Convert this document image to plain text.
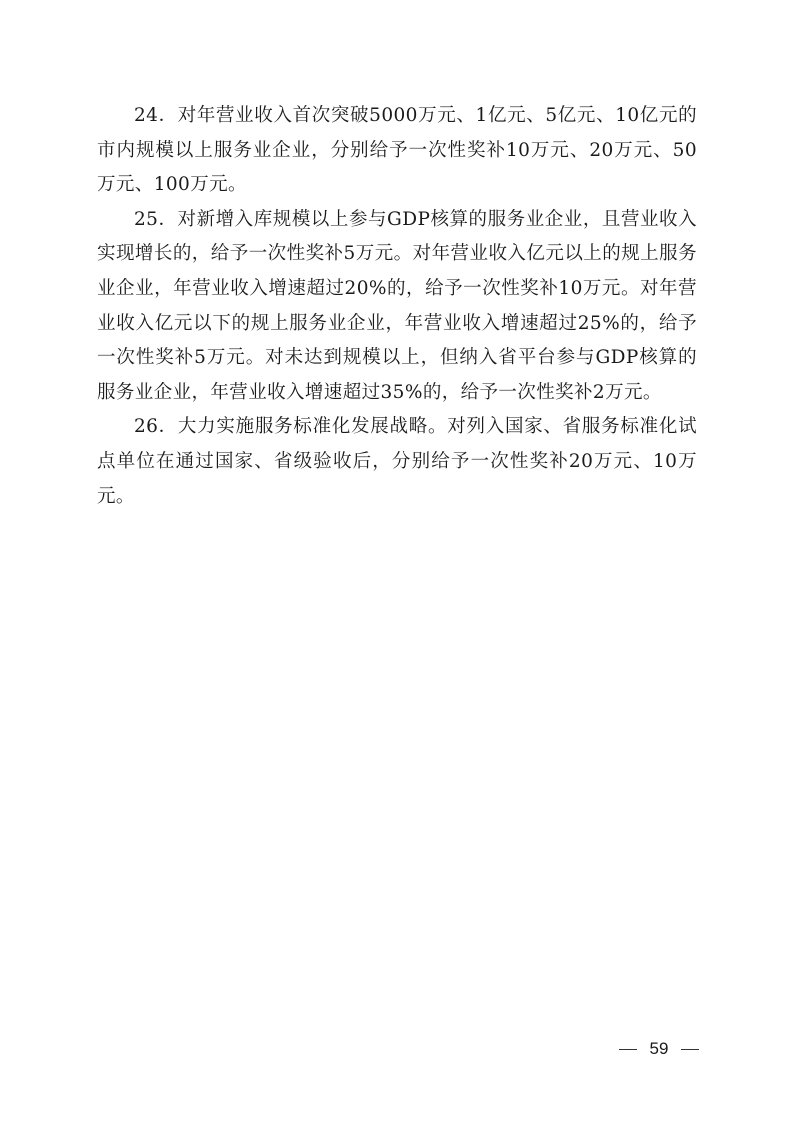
24．对年营业收入首次突破5000万元、1亿元、5亿元、10亿元的市内规模以上服务业企业，分别给予一次性奖补10万元、20万元、50万元、100万元。

25．对新增入库规模以上参与GDP核算的服务业企业，且营业收入实现增长的，给予一次性奖补5万元。对年营业收入亿元以上的规上服务业企业，年营业收入增速超过20%的，给予一次性奖补10万元。对年营业收入亿元以下的规上服务业企业，年营业收入增速超过25%的，给予一次性奖补5万元。对未达到规模以上，但纳入省平台参与GDP核算的服务业企业，年营业收入增速超过35%的，给予一次性奖补2万元。

26．大力实施服务标准化发展战略。对列入国家、省服务标准化试点单位在通过国家、省级验收后，分别给予一次性奖补20万元、10万元。

59
